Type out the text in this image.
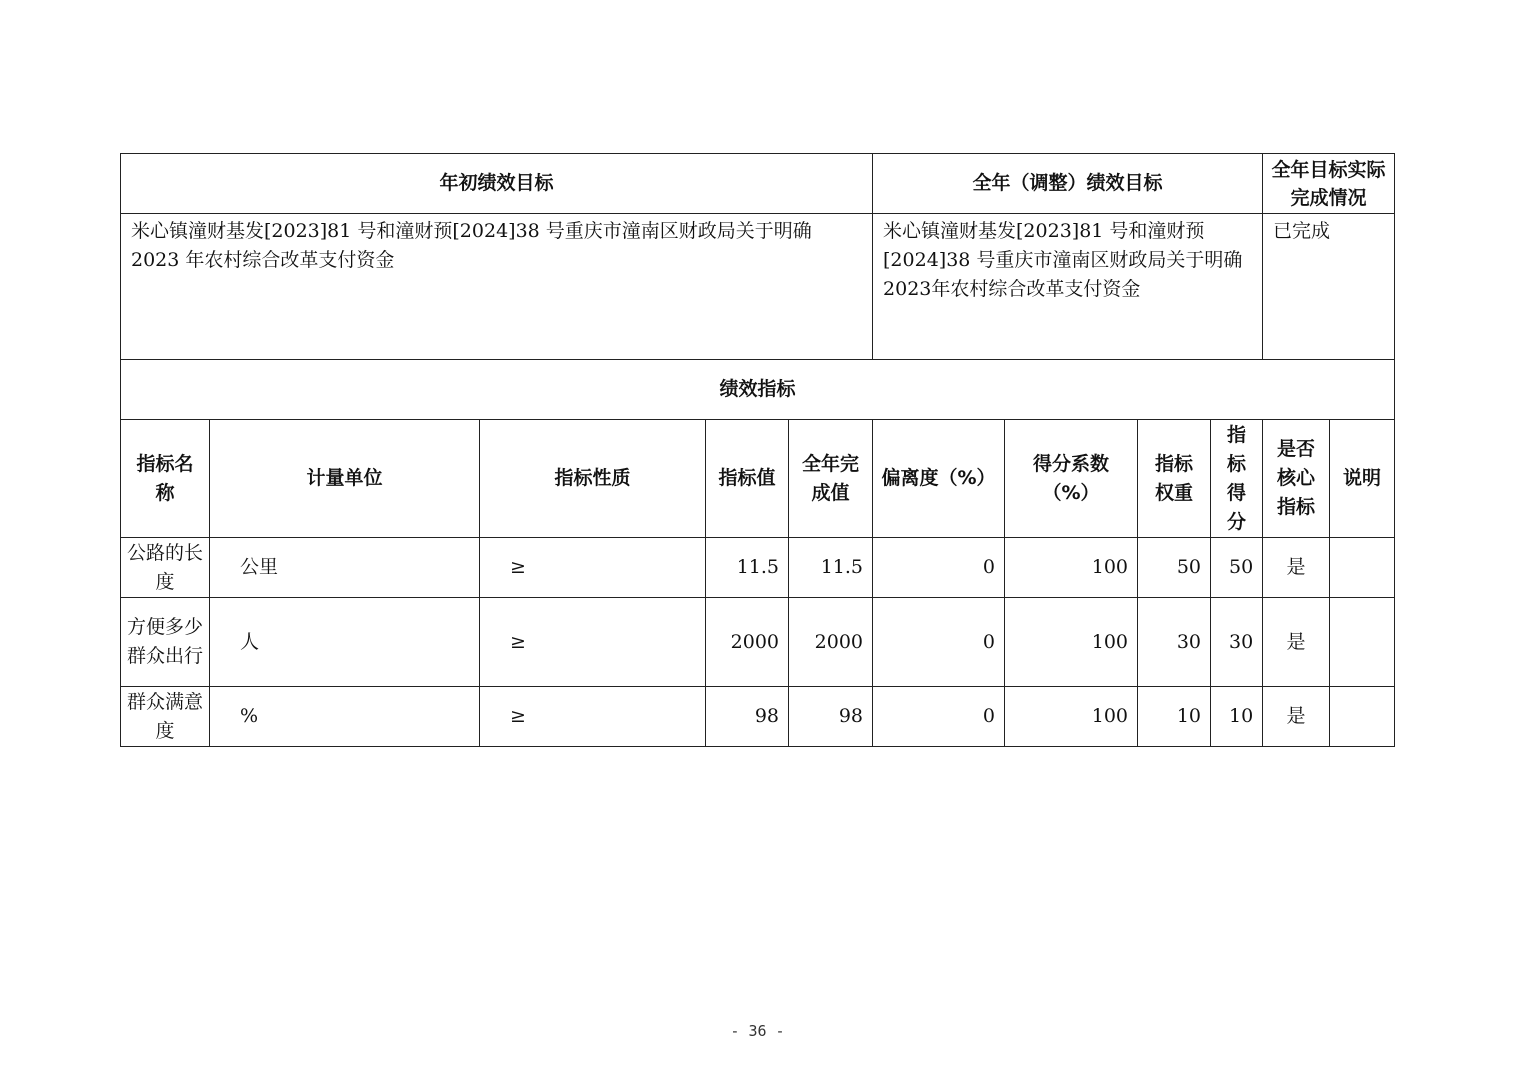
年初绩效目标					全年（调整）绩效目标				全年目标实际完成情况	
米心镇潼财基发[2023]81 号和潼财预[2024]38 号重庆市潼南区财政局关于明确 2023 年农村综合改革支付资金					米心镇潼财基发[2023]81 号和潼财预[2024]38 号重庆市潼南区财政局关于明确2023年农村综合改革支付资金				已完成	
绩效指标										
指标名称	计量单位	指标性质	指标值	全年完成值	偏离度（%）	得分系数（%）	指标权重	指标得分	是否核心指标	说明
公路的长度	公里	≥	11.5	11.5	0	100	50	50	是	
方便多少群众出行	人	≥	2000	2000	0	100	30	30	是	
群众满意度	%	≥	98	98	0	100	10	10	是	
- 36 -
